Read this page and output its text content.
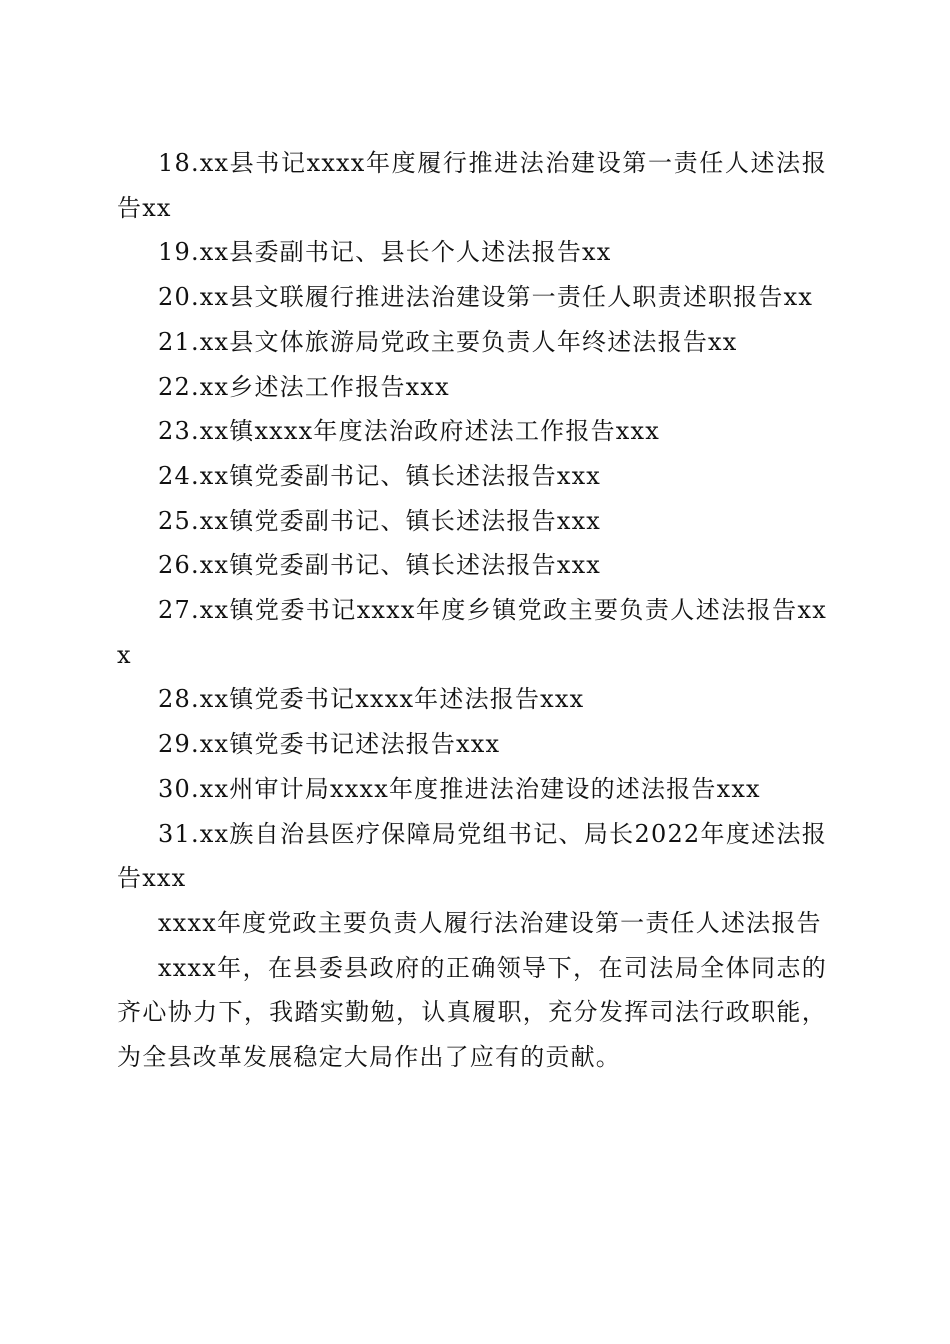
18.xx县书记xxxx年度履行推进法治建设第一责任人述法报告xx

19.xx县委副书记、县长个人述法报告xx

20.xx县文联履行推进法治建设第一责任人职责述职报告xx

21.xx县文体旅游局党政主要负责人年终述法报告xx

22.xx乡述法工作报告xxx

23.xx镇xxxx年度法治政府述法工作报告xxx

24.xx镇党委副书记、镇长述法报告xxx

25.xx镇党委副书记、镇长述法报告xxx

26.xx镇党委副书记、镇长述法报告xxx

27.xx镇党委书记xxxx年度乡镇党政主要负责人述法报告xxx

28.xx镇党委书记xxxx年述法报告xxx

29.xx镇党委书记述法报告xxx

30.xx州审计局xxxx年度推进法治建设的述法报告xxx

31.xx族自治县医疗保障局党组书记、局长2022年度述法报告xxx

xxxx年度党政主要负责人履行法治建设第一责任人述法报告

xxxx年，在县委县政府的正确领导下，在司法局全体同志的齐心协力下，我踏实勤勉，认真履职，充分发挥司法行政职能，为全县改革发展稳定大局作出了应有的贡献。
